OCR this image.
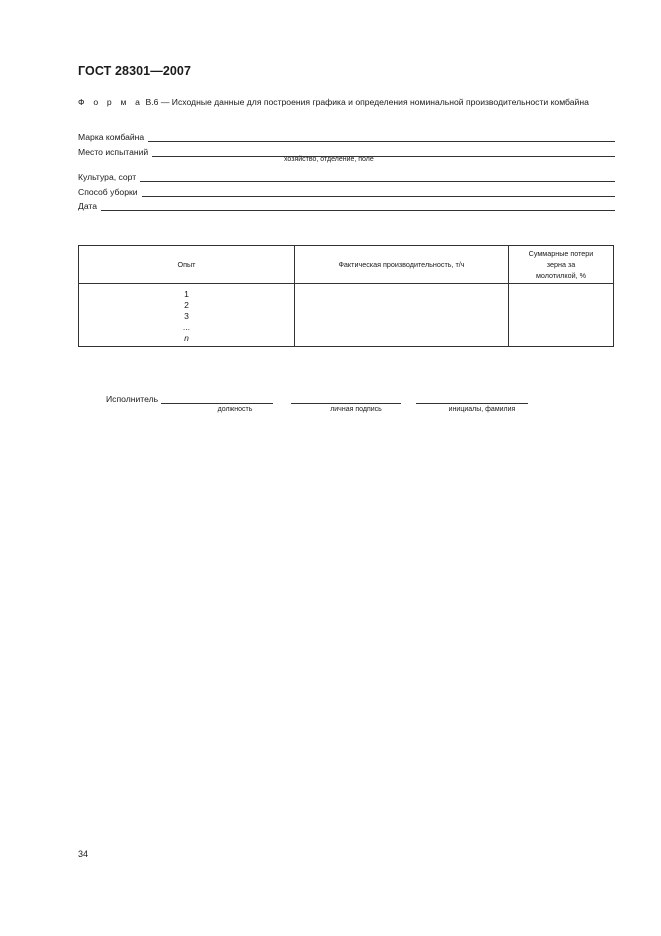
ГОСТ 28301—2007
Ф о р м а В.6 — Исходные данные для построения графика и определения номинальной производительности комбайна
Марка комбайна
Место испытаний
хозяйство, отделение, поле
Культура, сорт
Способ уборки
Дата
Опыт	Фактическая производительность, т/ч	Суммарные потери зерна за молотилкой, %

1
2
3
...
n		

Исполнитель
должность	личная подпись	инициалы, фамилия
34
